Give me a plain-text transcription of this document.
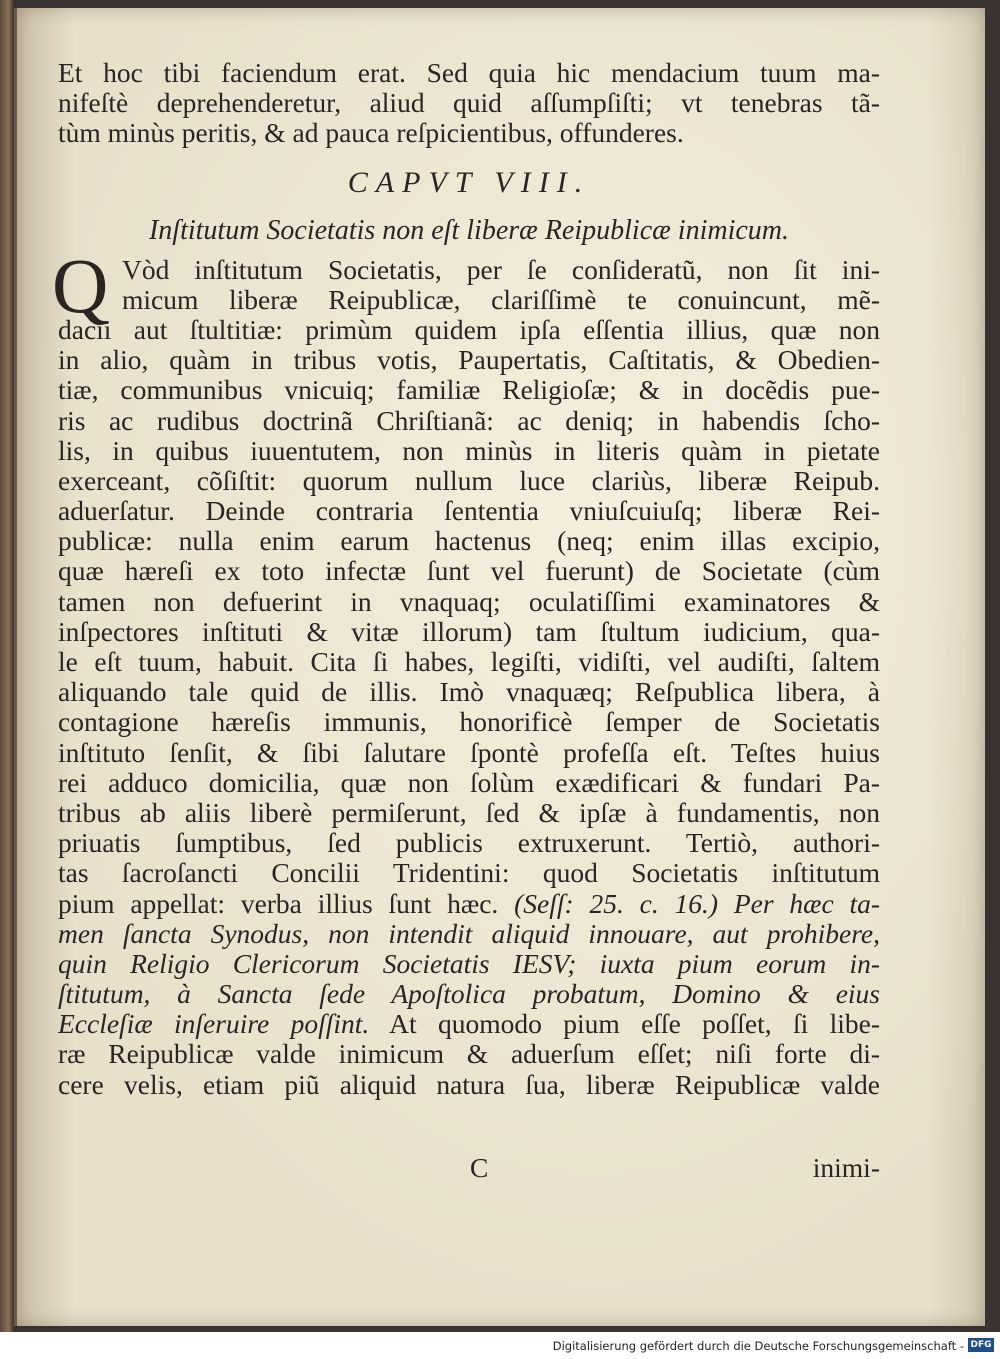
Et hoc tibi faciendum erat. Sed quia hic mendacium tuum ma-
nifeſtè deprehenderetur, aliud quid aſſumpſiſti; vt tenebras tã-
tùm minùs peritis, & ad pauca reſpicientibus, offunderes.
CAPVT VIII.
Inſtitutum Societatis non eſt liberæ Reipublicæ inimicum.
Q Vòd inſtitutum Societatis, per ſe conſideratũ, non ſit ini-
micum liberæ Reipublicæ, clariſſimè te conuincunt, mẽ-
dacii aut ſtultitiæ: primùm quidem ipſa eſſentia illius, quæ non
in alio, quàm in tribus votis, Paupertatis, Caſtitatis, & Obedien-
tiæ, communibus vnicuiq; familiæ Religioſæ; & in docẽdis pue-
ris ac rudibus doctrinã Chriſtianã: ac deniq; in habendis ſcho-
lis, in quibus iuuentutem, non minùs in literis quàm in pietate
exerceant, cõſiſtit: quorum nullum luce clariùs, liberæ Reipub.
aduerſatur. Deinde contraria ſententia vniuſcuiuſq; liberæ Rei-
publicæ: nulla enim earum hactenus (neq; enim illas excipio,
quæ hæreſi ex toto infectæ ſunt vel fuerunt) de Societate (cùm
tamen non defuerint in vnaquaq; oculatiſſimi examinatores &
inſpectores inſtituti & vitæ illorum) tam ſtultum iudicium, qua-
le eſt tuum, habuit. Cita ſi habes, legiſti, vidiſti, vel audiſti, ſaltem
aliquando tale quid de illis. Imò vnaquæq; Reſpublica libera, à
contagione hæreſis immunis, honorificè ſemper de Societatis
inſtituto ſenſit, & ſibi ſalutare ſpontè profeſſa eſt. Teſtes huius
rei adduco domicilia, quæ non ſolùm exædificari & fundari Pa-
tribus ab aliis liberè permiſerunt, ſed & ipſæ à fundamentis, non
priuatis ſumptibus, ſed publicis extruxerunt. Tertiò, authori-
tas ſacroſancti Concilii Tridentini: quod Societatis inſtitutum
pium appellat: verba illius ſunt hæc. (Seſſ: 25. c. 16.) Per hæc ta-
men ſancta Synodus, non intendit aliquid innouare, aut prohibere,
quin Religio Clericorum Societatis IESV; iuxta pium eorum in-
ſtitutum, à Sancta ſede Apoſtolica probatum, Domino & eius
Eccleſiæ inſeruire poſſint. At quomodo pium eſſe poſſet, ſi libe-
ræ Reipublicæ valde inimicum & aduerſum eſſet; niſi forte di-
cere velis, etiam piũ aliquid natura ſua, liberæ Reipublicæ valde
C	inimi-
Digitalisierung gefördert durch die Deutsche Forschungsgemeinschaft - DFG
